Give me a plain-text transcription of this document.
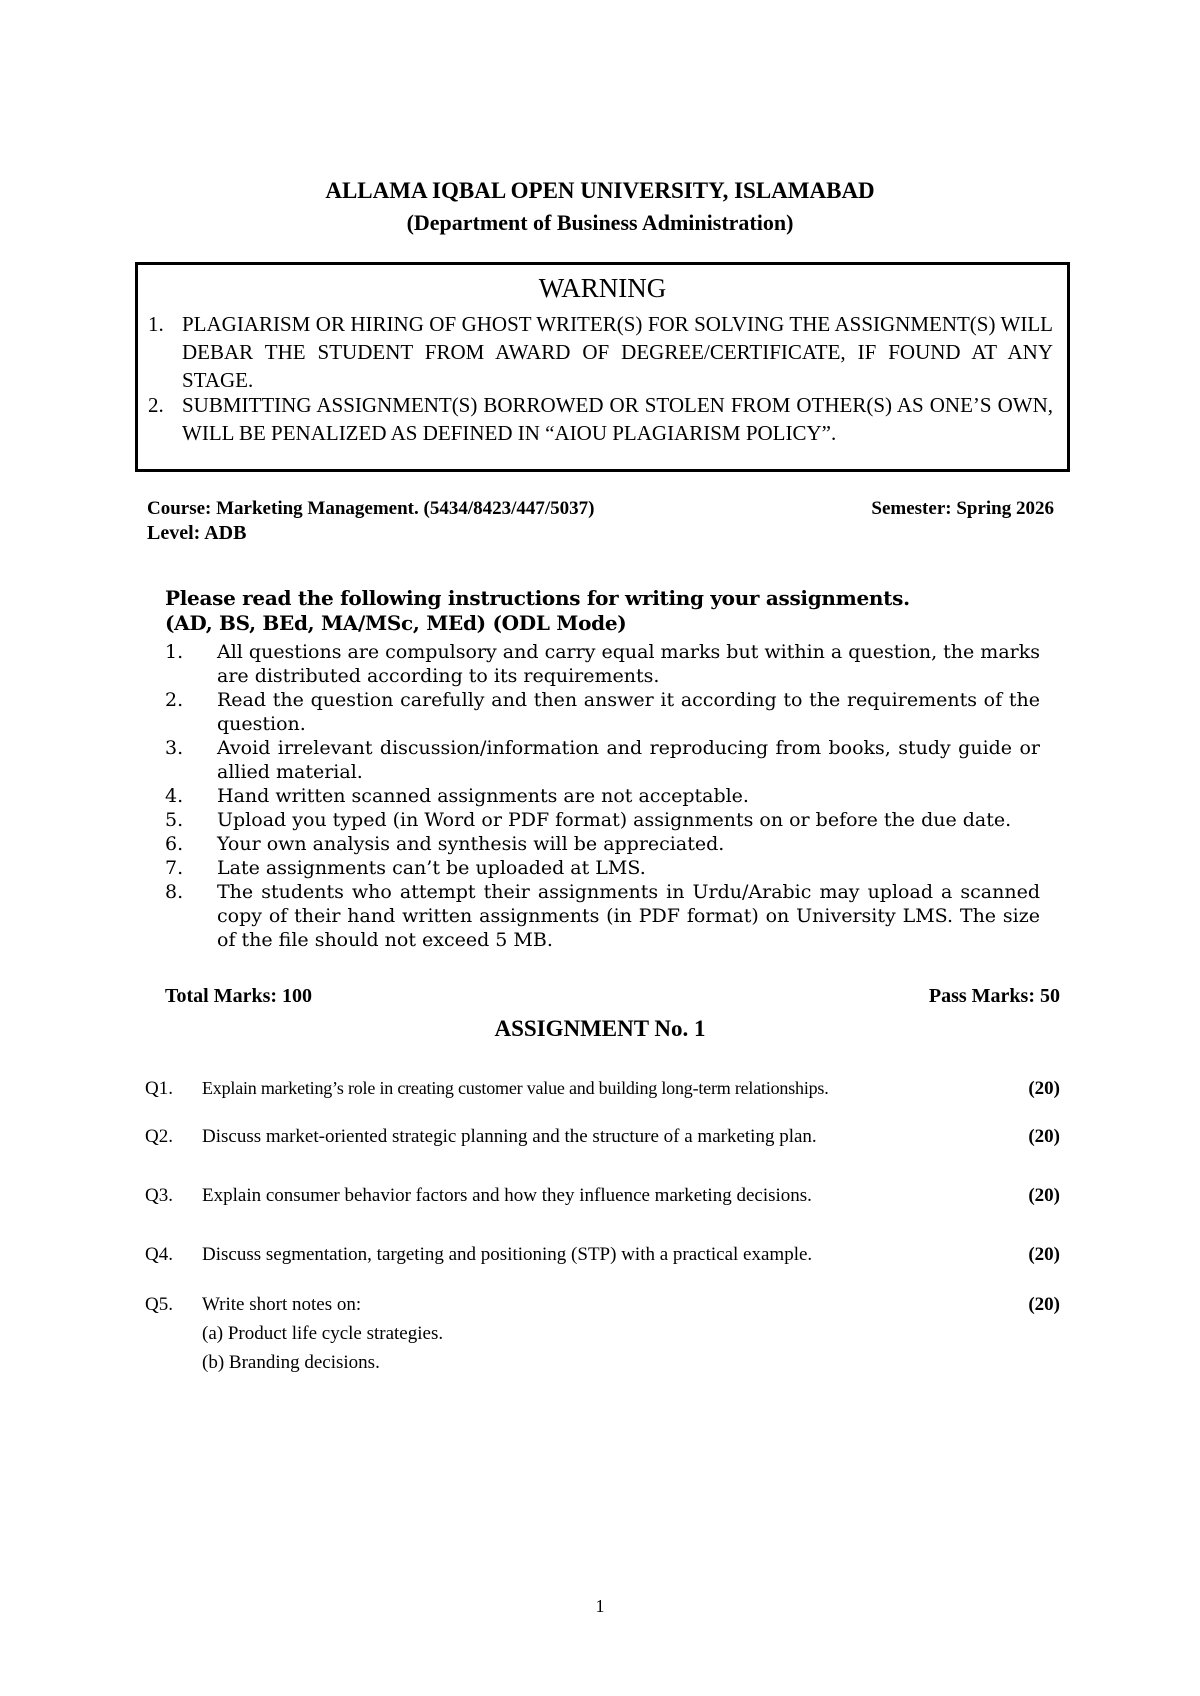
ALLAMA IQBAL OPEN UNIVERSITY, ISLAMABAD
(Department of Business Administration)
WARNING
1. PLAGIARISM OR HIRING OF GHOST WRITER(S) FOR SOLVING THE ASSIGNMENT(S) WILL DEBAR THE STUDENT FROM AWARD OF DEGREE/CERTIFICATE, IF FOUND AT ANY STAGE.
2. SUBMITTING ASSIGNMENT(S) BORROWED OR STOLEN FROM OTHER(S) AS ONE’S OWN, WILL BE PENALIZED AS DEFINED IN “AIOU PLAGIARISM POLICY”.
Course: Marketing Management. (5434/8423/447/5037)	Semester: Spring 2026
Level: ADB
Please read the following instructions for writing your assignments.
(AD, BS, BEd, MA/MSc, MEd) (ODL Mode)
1. All questions are compulsory and carry equal marks but within a question, the marks are distributed according to its requirements.
2. Read the question carefully and then answer it according to the requirements of the question.
3. Avoid irrelevant discussion/information and reproducing from books, study guide or allied material.
4. Hand written scanned assignments are not acceptable.
5. Upload you typed (in Word or PDF format) assignments on or before the due date.
6. Your own analysis and synthesis will be appreciated.
7. Late assignments can’t be uploaded at LMS.
8. The students who attempt their assignments in Urdu/Arabic may upload a scanned copy of their hand written assignments (in PDF format) on University LMS. The size of the file should not exceed 5 MB.
Total Marks: 100	Pass Marks: 50
ASSIGNMENT No. 1
Q1. Explain marketing’s role in creating customer value and building long-term relationships.	(20)
Q2. Discuss market-oriented strategic planning and the structure of a marketing plan.	(20)
Q3. Explain consumer behavior factors and how they influence marketing decisions.	(20)
Q4. Discuss segmentation, targeting and positioning (STP) with a practical example.	(20)
Q5. Write short notes on:	(20)
(a) Product life cycle strategies.
(b) Branding decisions.
1
